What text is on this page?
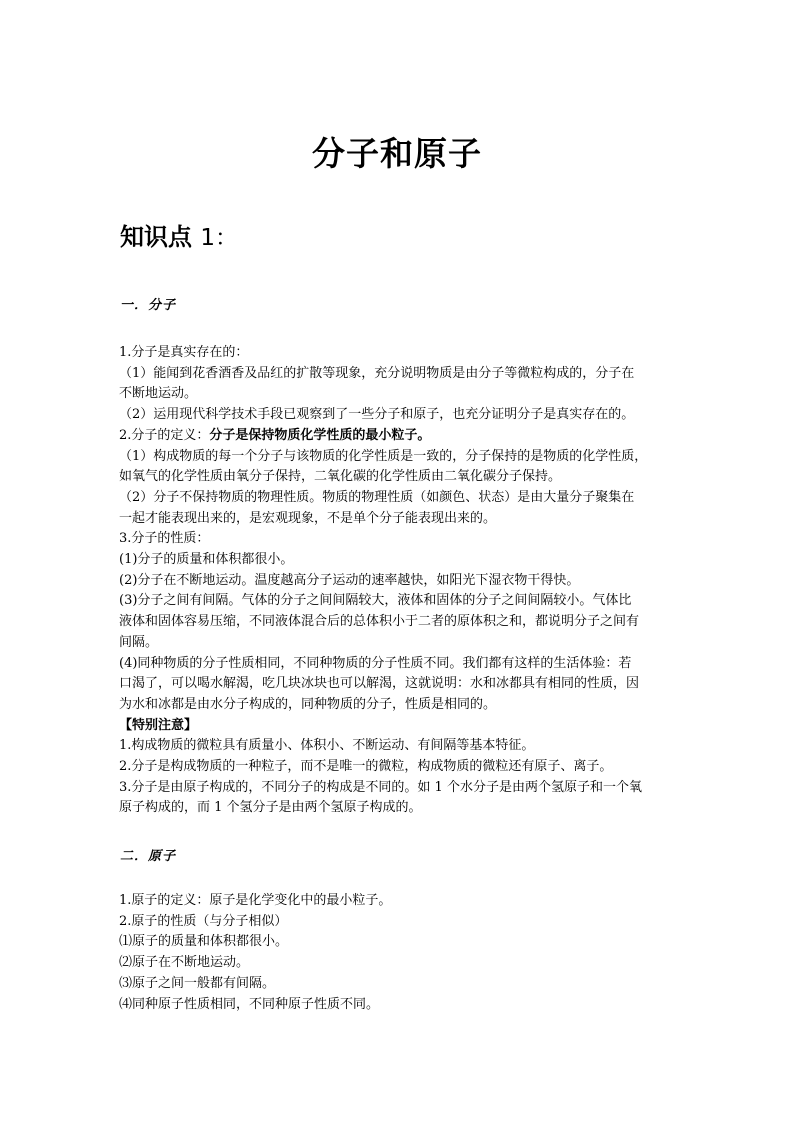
分子和原子
知识点 1：
一．分子

1.分子是真实存在的：

（1）能闻到花香酒香及品红的扩散等现象，充分说明物质是由分子等微粒构成的，分子在

不断地运动。

（2）运用现代科学技术手段已观察到了一些分子和原子，也充分证明分子是真实存在的。

2.分子的定义：分子是保持物质化学性质的最小粒子。

（1）构成物质的每一个分子与该物质的化学性质是一致的，分子保持的是物质的化学性质，

如氧气的化学性质由氧分子保持，二氧化碳的化学性质由二氧化碳分子保持。

（2）分子不保持物质的物理性质。物质的物理性质（如颜色、状态）是由大量分子聚集在

一起才能表现出来的，是宏观现象，不是单个分子能表现出来的。

3.分子的性质：

(1)分子的质量和体积都很小。

(2)分子在不断地运动。温度越高分子运动的速率越快，如阳光下湿衣物干得快。

(3)分子之间有间隔。气体的分子之间间隔较大，液体和固体的分子之间间隔较小。气体比

液体和固体容易压缩，不同液体混合后的总体积小于二者的原体积之和，都说明分子之间有

间隔。

(4)同种物质的分子性质相同，不同种物质的分子性质不同。我们都有这样的生活体验：若

口渴了，可以喝水解渴，吃几块冰块也可以解渴，这就说明：水和冰都具有相同的性质，因

为水和冰都是由水分子构成的，同种物质的分子，性质是相同的。

【特别注意】

1.构成物质的微粒具有质量小、体积小、不断运动、有间隔等基本特征。

2.分子是构成物质的一种粒子，而不是唯一的微粒，构成物质的微粒还有原子、离子。

3.分子是由原子构成的，不同分子的构成是不同的。如 1 个水分子是由两个氢原子和一个氧

原子构成的，而 1 个氢分子是由两个氢原子构成的。

二．原子

1.原子的定义：原子是化学变化中的最小粒子。

2.原子的性质（与分子相似）

⑴原子的质量和体积都很小。

⑵原子在不断地运动。

⑶原子之间一般都有间隔。

⑷同种原子性质相同，不同种原子性质不同。
